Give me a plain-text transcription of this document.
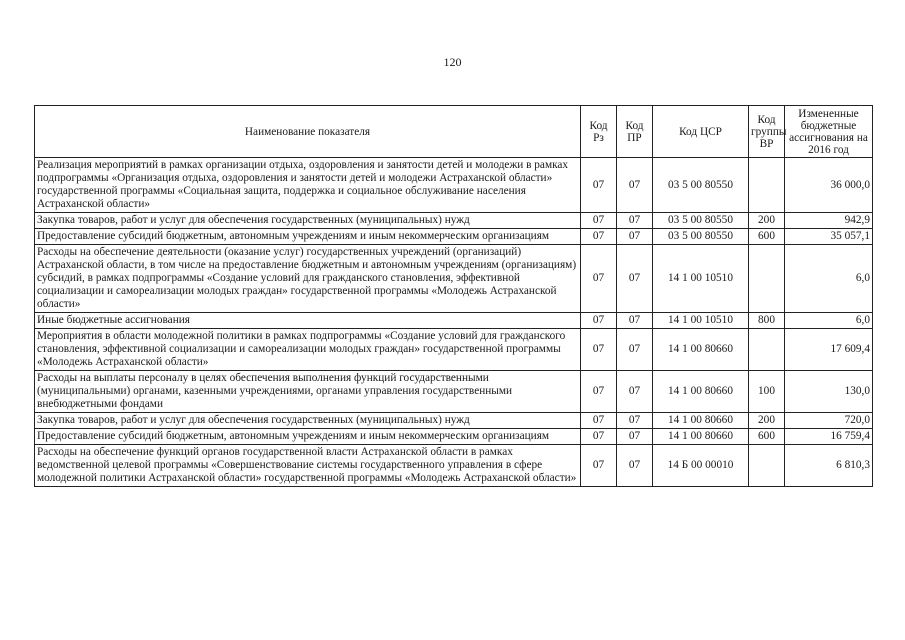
120
Наименование показателя	Код Рз	Код ПР	Код ЦСР	Код группы ВР	Измененные бюджетные ассигнования на 2016 год
Реализация мероприятий в рамках организации отдыха, оздоровления и занятости детей и молодежи в рамках подпрограммы «Организация отдыха, оздоровления и занятости детей и молодежи Астраханской области» государственной программы «Социальная защита, поддержка и социальное обслуживание населения Астраханской области»	07	07	03 5 00 80550		36 000,0
Закупка товаров, работ и услуг для обеспечения государственных (муниципальных) нужд	07	07	03 5 00 80550	200	942,9
Предоставление субсидий бюджетным, автономным учреждениям и иным некоммерческим организациям	07	07	03 5 00 80550	600	35 057,1
Расходы на обеспечение деятельности (оказание услуг) государственных учреждений (организаций) Астраханской области, в том числе на предоставление бюджетным и автономным учреждениям (организациям) субсидий, в рамках подпрограммы «Создание условий для гражданского становления, эффективной социализации и самореализации молодых граждан» государственной программы «Молодежь Астраханской области»	07	07	14 1 00 10510		6,0
Иные бюджетные ассигнования	07	07	14 1 00 10510	800	6,0
Мероприятия в области молодежной политики в рамках подпрограммы «Создание условий для гражданского становления, эффективной социализации и самореализации молодых граждан» государственной программы «Молодежь Астраханской области»	07	07	14 1 00 80660		17 609,4
Расходы на выплаты персоналу в целях обеспечения выполнения функций государственными (муниципальными) органами, казенными учреждениями, органами управления государственными внебюджетными фондами	07	07	14 1 00 80660	100	130,0
Закупка товаров, работ и услуг для обеспечения государственных (муниципальных) нужд	07	07	14 1 00 80660	200	720,0
Предоставление субсидий бюджетным, автономным учреждениям и иным некоммерческим организациям	07	07	14 1 00 80660	600	16 759,4
Расходы на обеспечение функций органов государственной власти Астраханской области в рамках ведомственной целевой программы «Совершенствование системы государственного управления в сфере молодежной политики Астраханской области» государственной программы «Молодежь Астраханской области»	07	07	14 Б 00 00010		6 810,3
